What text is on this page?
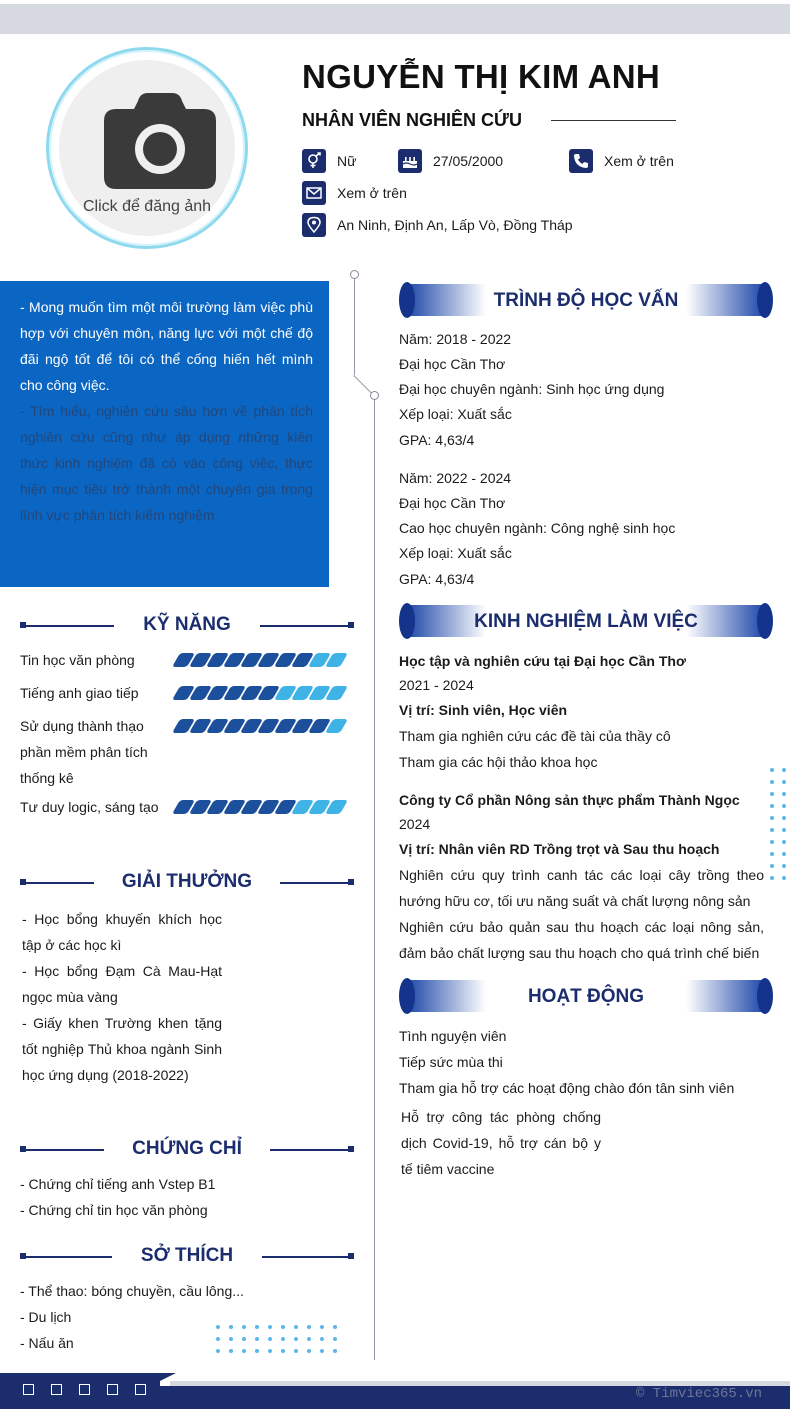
Click để đăng ảnh
NGUYỄN THỊ KIM ANH
NHÂN VIÊN NGHIÊN CỨU
Nữ	27/05/2000	Xem ở trên
Xem ở trên
An Ninh, Định An, Lấp Vò, Đồng Tháp

- Mong muốn tìm một môi trường làm việc phù hợp với chuyên môn, năng lực với một chế độ đãi ngộ tốt để tôi có thể cống hiến hết mình cho công việc.

- Tìm hiểu, nghiên cứu sâu hơn về phân tích nghiên cứu cũng như áp dụng những kiến thức kinh nghiệm đã có vào công việc, thực hiện mục tiêu trở thành một chuyên gia trong lĩnh vực phân tích kiểm nghiệm

KỸ NĂNG
Tin học văn phòng
Tiếng anh giao tiếp
Sử dụng thành thạo phần mềm phân tích thống kê
Tư duy logic, sáng tạo
GIẢI THƯỞNG
- Học bổng khuyến khích học tập ở các học kì
- Học bổng Đạm Cà Mau-Hạt ngọc mùa vàng
- Giấy khen Trường khen tặng tốt nghiệp Thủ khoa ngành Sinh học ứng dụng (2018-2022)
CHỨNG CHỈ
- Chứng chỉ tiếng anh Vstep B1
- Chứng chỉ tin học văn phòng
SỞ THÍCH
- Thể thao: bóng chuyền, cầu lông...
- Du lịch
- Nấu ăn
TRÌNH ĐỘ HỌC VẤN
Năm: 2018 - 2022
Đại học Cần Thơ
Đại học chuyên ngành: Sinh học ứng dụng
Xếp loại: Xuất sắc
GPA: 4,63/4
Năm: 2022 - 2024
Đại học Cần Thơ
Cao học chuyên ngành: Công nghệ sinh học
Xếp loại: Xuất sắc
GPA: 4,63/4
KINH NGHIỆM LÀM VIỆC
Học tập và nghiên cứu tại Đại học Cần Thơ
2021 - 2024
Vị trí: Sinh viên, Học viên
Tham gia nghiên cứu các đề tài của thầy cô
Tham gia các hội thảo khoa học
Công ty Cổ phần Nông sản thực phẩm Thành Ngọc
2024
Vị trí: Nhân viên RD Trồng trọt và Sau thu hoạch
Nghiên cứu quy trình canh tác các loại cây trồng theo hướng hữu cơ, tối ưu năng suất và chất lượng nông sản
Nghiên cứu bảo quản sau thu hoạch các loại nông sản, đảm bảo chất lượng sau thu hoạch cho quá trình chế biến
HOẠT ĐỘNG
Tình nguyện viên
Tiếp sức mùa thi
Tham gia hỗ trợ các hoạt động chào đón tân sinh viên
Hỗ trợ công tác phòng chống dịch Covid-19, hỗ trợ cán bộ y tế tiêm vaccine
© Timviec365.vn
